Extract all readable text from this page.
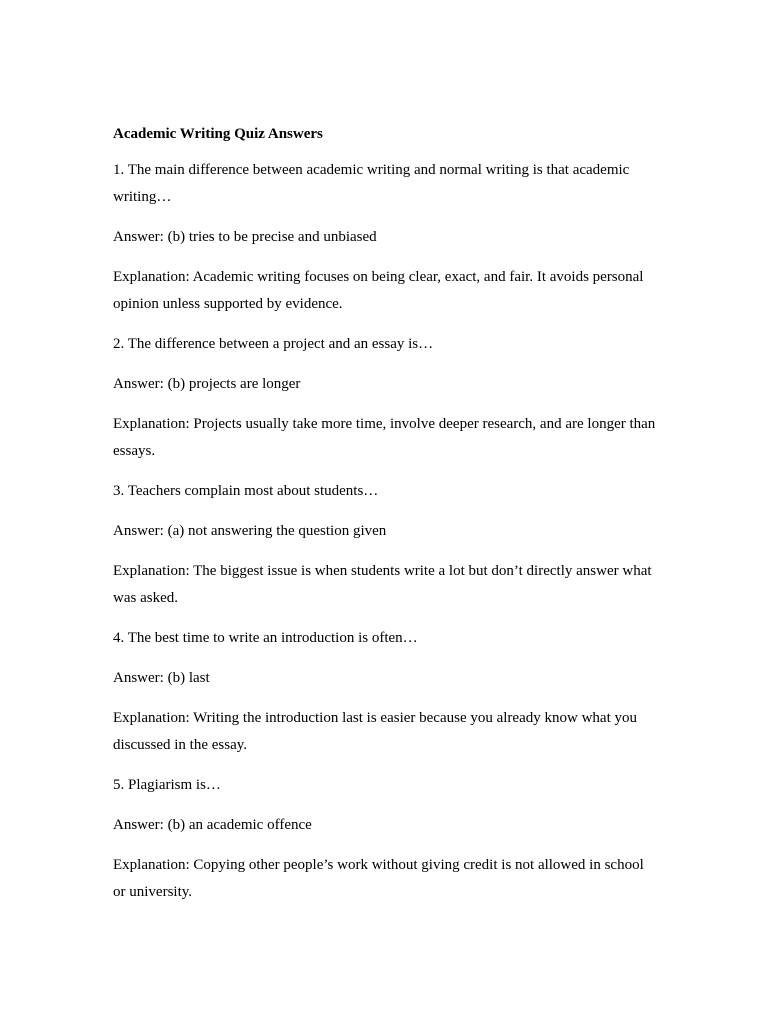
Academic Writing Quiz Answers
1. The main difference between academic writing and normal writing is that academic writing…
Answer: (b) tries to be precise and unbiased
Explanation: Academic writing focuses on being clear, exact, and fair. It avoids personal opinion unless supported by evidence.
2. The difference between a project and an essay is…
Answer: (b) projects are longer
Explanation: Projects usually take more time, involve deeper research, and are longer than essays.
3. Teachers complain most about students…
Answer: (a) not answering the question given
Explanation: The biggest issue is when students write a lot but don’t directly answer what was asked.
4. The best time to write an introduction is often…
Answer: (b) last
Explanation: Writing the introduction last is easier because you already know what you discussed in the essay.
5. Plagiarism is…
Answer: (b) an academic offence
Explanation: Copying other people’s work without giving credit is not allowed in school or university.
